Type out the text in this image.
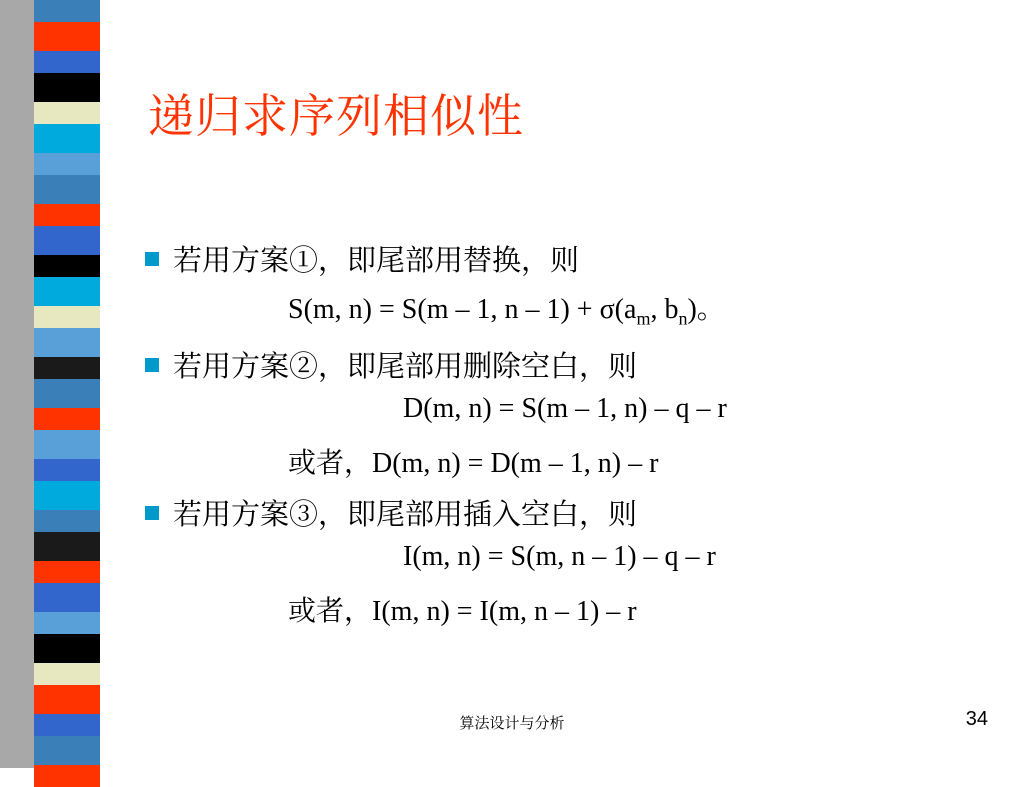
递归求序列相似性
若用方案①，即尾部用替换，则
S(m, n) = S(m – 1, $n - 1) + \sigma(a_m$, $b_n$)。
若用方案②，即尾部用删除空白，则
D(m, n) = S(m – 1, n) – q – r
或者，D(m, n) = D(m – 1, n) – r
若用方案③，即尾部用插入空白，则
I(m, n) = S(m, n – 1) – q – r
或者，I(m, n) = I(m, n – 1) – r
算法设计与分析	34
